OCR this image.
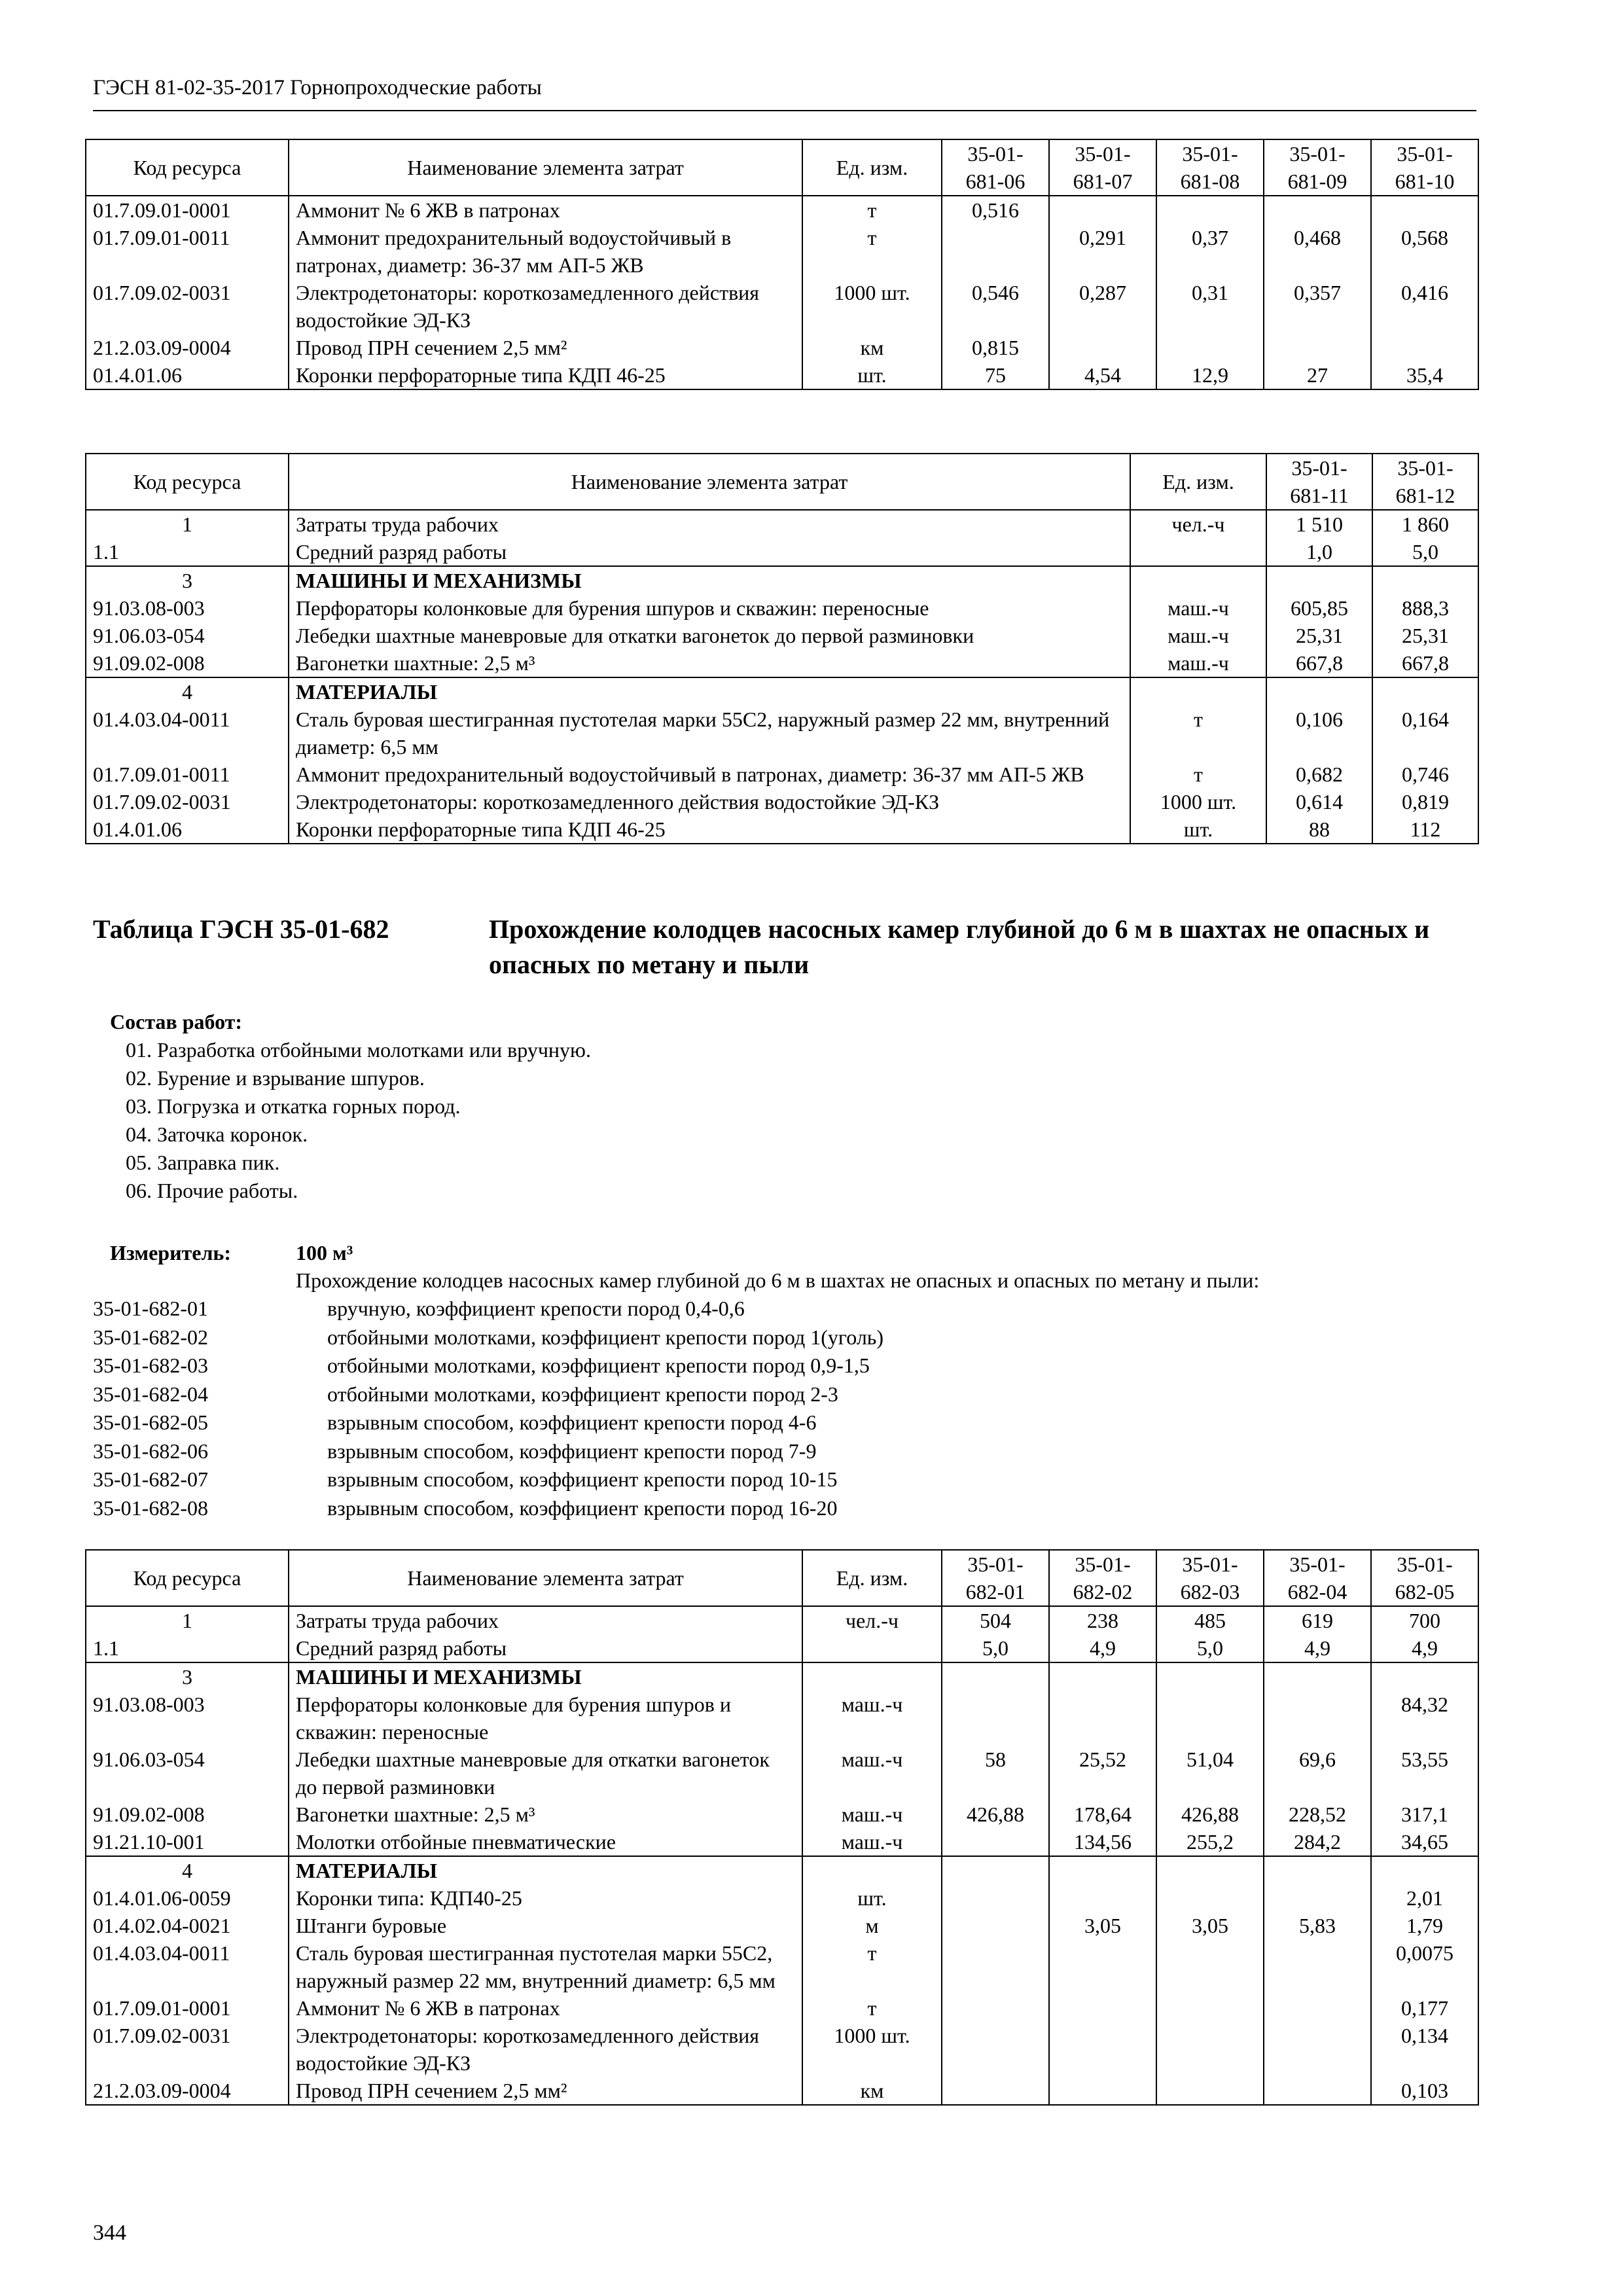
ГЭСН 81-02-35-2017 Горнопроходческие работы
Код ресурса	Наименование элемента затрат	Ед. изм.	35-01-681-06	35-01-681-07	35-01-681-08	35-01-681-09	35-01-681-10
01.7.09.01-0001	Аммонит № 6 ЖВ в патронах	т	0,516				
01.7.09.01-0011	Аммонит предохранительный водоустойчивый в патронах, диаметр: 36-37 мм АП-5 ЖВ	т		0,291	0,37	0,468	0,568
01.7.09.02-0031	Электродетонаторы: короткозамедленного действия водостойкие ЭД-КЗ	1000 шт.	0,546	0,287	0,31	0,357	0,416
21.2.03.09-0004	Провод ПРН сечением 2,5 мм²	км	0,815				
01.4.01.06	Коронки перфораторные типа КДП 46-25	шт.	75	4,54	12,9	27	35,4
Код ресурса	Наименование элемента затрат	Ед. изм.	35-01-681-11	35-01-681-12
1	Затраты труда рабочих	чел.-ч	1 510	1 860
1.1	Средний разряд работы		1,0	5,0
3	МАШИНЫ И МЕХАНИЗМЫ			
91.03.08-003	Перфораторы колонковые для бурения шпуров и скважин: переносные	маш.-ч	605,85	888,3
91.06.03-054	Лебедки шахтные маневровые для откатки вагонеток до первой разминовки	маш.-ч	25,31	25,31
91.09.02-008	Вагонетки шахтные: 2,5 м³	маш.-ч	667,8	667,8
4	МАТЕРИАЛЫ			
01.4.03.04-0011	Сталь буровая шестигранная пустотелая марки 55С2, наружный размер 22 мм, внутренний диаметр: 6,5 мм	т	0,106	0,164
01.7.09.01-0011	Аммонит предохранительный водоустойчивый в патронах, диаметр: 36-37 мм АП-5 ЖВ	т	0,682	0,746
01.7.09.02-0031	Электродетонаторы: короткозамедленного действия водостойкие ЭД-КЗ	1000 шт.	0,614	0,819
01.4.01.06	Коронки перфораторные типа КДП 46-25	шт.	88	112
Таблица ГЭСН 35-01-682	Прохождение колодцев насосных камер глубиной до 6 м в шахтах не опасных и опасных по метану и пыли
Состав работ:
01. Разработка отбойными молотками или вручную.
02. Бурение и взрывание шпуров.
03. Погрузка и откатка горных пород.
04. Заточка коронок.
05. Заправка пик.
06. Прочие работы.
Измеритель:	100 м³
Прохождение колодцев насосных камер глубиной до 6 м в шахтах не опасных и опасных по метану и пыли:
35-01-682-01	вручную, коэффициент крепости пород 0,4-0,6
35-01-682-02	отбойными молотками, коэффициент крепости пород 1(уголь)
35-01-682-03	отбойными молотками, коэффициент крепости пород 0,9-1,5
35-01-682-04	отбойными молотками, коэффициент крепости пород 2-3
35-01-682-05	взрывным способом, коэффициент крепости пород 4-6
35-01-682-06	взрывным способом, коэффициент крепости пород 7-9
35-01-682-07	взрывным способом, коэффициент крепости пород 10-15
35-01-682-08	взрывным способом, коэффициент крепости пород 16-20
Код ресурса	Наименование элемента затрат	Ед. изм.	35-01-682-01	35-01-682-02	35-01-682-03	35-01-682-04	35-01-682-05
1	Затраты труда рабочих	чел.-ч	504	238	485	619	700
1.1	Средний разряд работы		5,0	4,9	5,0	4,9	4,9
3	МАШИНЫ И МЕХАНИЗМЫ						
91.03.08-003	Перфораторы колонковые для бурения шпуров и скважин: переносные	маш.-ч					84,32
91.06.03-054	Лебедки шахтные маневровые для откатки вагонеток до первой разминовки	маш.-ч	58	25,52	51,04	69,6	53,55
91.09.02-008	Вагонетки шахтные: 2,5 м³	маш.-ч	426,88	178,64	426,88	228,52	317,1
91.21.10-001	Молотки отбойные пневматические	маш.-ч		134,56	255,2	284,2	34,65
4	МАТЕРИАЛЫ						
01.4.01.06-0059	Коронки типа: КДП40-25	шт.					2,01
01.4.02.04-0021	Штанги буровые	м		3,05	3,05	5,83	1,79
01.4.03.04-0011	Сталь буровая шестигранная пустотелая марки 55С2, наружный размер 22 мм, внутренний диаметр: 6,5 мм	т					0,0075
01.7.09.01-0001	Аммонит № 6 ЖВ в патронах	т					0,177
01.7.09.02-0031	Электродетонаторы: короткозамедленного действия водостойкие ЭД-КЗ	1000 шт.					0,134
21.2.03.09-0004	Провод ПРН сечением 2,5 мм²	км					0,103
344
